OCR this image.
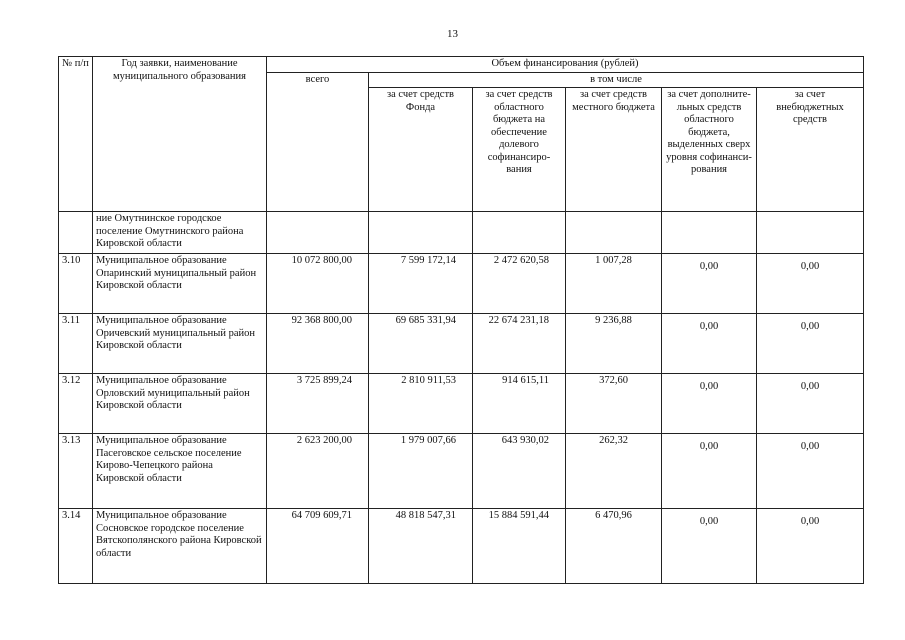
13
№ п/п	Год заявки, наименование муниципального образования	Объем финансирования (рублей)					
		всего	в том числе				
			за счет средств Фонда	за счет средств областного бюджета на обеспечение долевого софинансиро-вания	за счет средств местного бюджета	за счет дополните-льных средств областного бюджета, выделенных сверх уровня софинанси-рования	за счет внебюджетных средств
	ние Омутнинское городское поселение Омутнинского района Кировской области						
3.10	Муниципальное образование Опаринский муниципальный район Кировской области	10 072 800,00	7 599 172,14	2 472 620,58	1 007,28	0,00	0,00
3.11	Муниципальное образование Оричевский муниципальный район Кировской области	92 368 800,00	69 685 331,94	22 674 231,18	9 236,88	0,00	0,00
3.12	Муниципальное образование Орловский муниципальный район Кировской области	3 725 899,24	2 810 911,53	914 615,11	372,60	0,00	0,00
3.13	Муниципальное образование Пасеговское сельское поселение Кирово-Чепецкого района Кировской области	2 623 200,00	1 979 007,66	643 930,02	262,32	0,00	0,00
3.14	Муниципальное образование Сосновское городское поселение Вятскополянского района Кировской области	64 709 609,71	48 818 547,31	15 884 591,44	6 470,96	0,00	0,00
